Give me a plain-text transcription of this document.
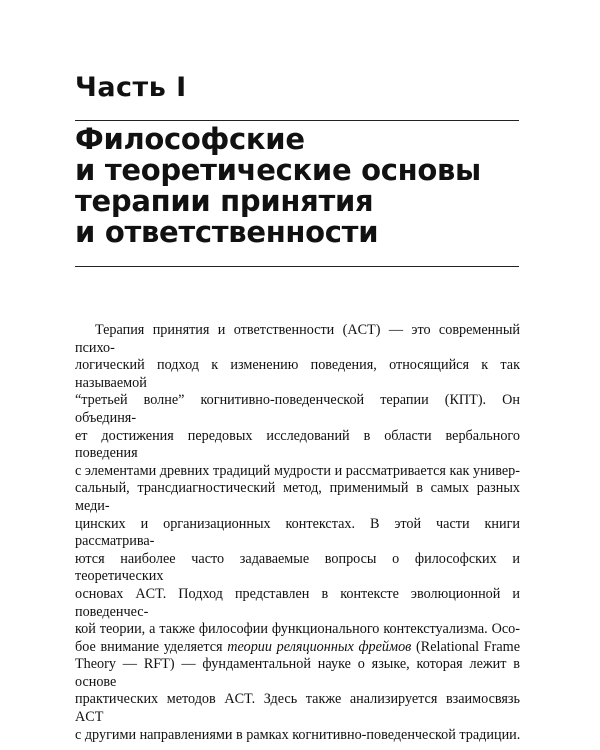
Часть I
Философские
и теоретические основы
терапии принятия
и ответственности
Терапия принятия и ответственности (ACT) — это современный психо-
логический подход к изменению поведения, относящийся к так называемой
“третьей волне” когнитивно-поведенческой терапии (КПТ). Он объединя-
ет достижения передовых исследований в области вербального поведения
с элементами древних традиций мудрости и рассматривается как универ-
сальный, трансдиагностический метод, применимый в самых разных меди-
цинских и организационных контекстах. В этой части книги рассматрива-
ются наиболее часто задаваемые вопросы о философских и теоретических
основах ACT. Подход представлен в контексте эволюционной и поведенчес-
кой теории, а также философии функционального контекстуализма. Осо-
бое внимание уделяется теории реляционных фреймов (Relational Frame
Theory — RFT) — фундаментальной науке о языке, которая лежит в основе
практических методов ACT. Здесь также анализируется взаимосвязь ACT
с другими направлениями в рамках когнитивно-поведенческой традиции.
